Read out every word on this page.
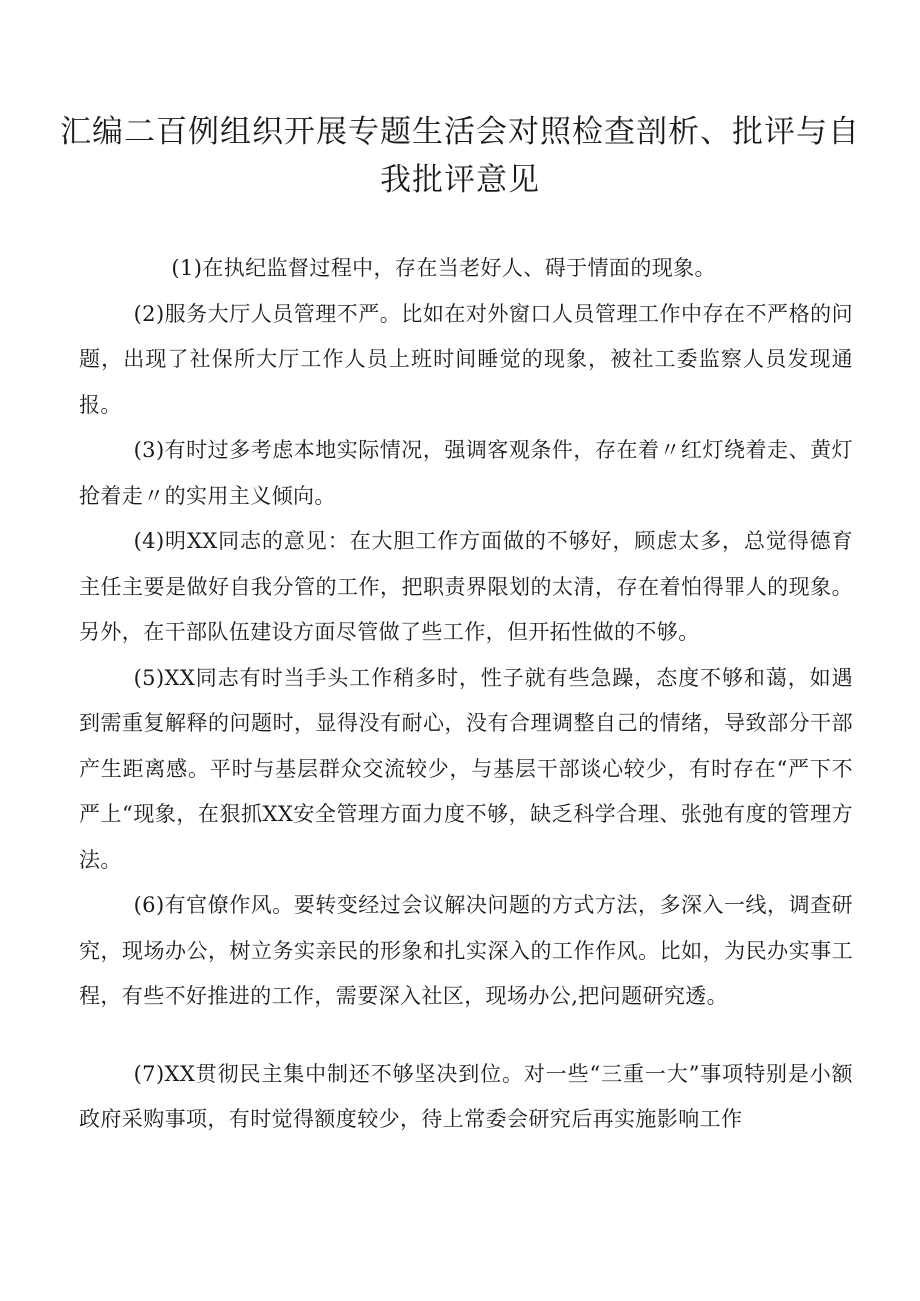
汇编二百例组织开展专题生活会对照检查剖析、批评与自我批评意见

(1)在执纪监督过程中，存在当老好人、碍于情面的现象。

(2)服务大厅人员管理不严。比如在对外窗口人员管理工作中存在不严格的问题，出现了社保所大厅工作人员上班时间睡觉的现象，被社工委监察人员发现通报。

(3)有时过多考虑本地实际情况，强调客观条件，存在着〃红灯绕着走、黄灯抢着走〃的实用主义倾向。

(4)明XX同志的意见：在大胆工作方面做的不够好，顾虑太多，总觉得德育主任主要是做好自我分管的工作，把职责界限划的太清，存在着怕得罪人的现象。另外，在干部队伍建设方面尽管做了些工作，但开拓性做的不够。

(5)XX同志有时当手头工作稍多时，性子就有些急躁，态度不够和蔼，如遇到需重复解释的问题时，显得没有耐心，没有合理调整自己的情绪，导致部分干部产生距离感。平时与基层群众交流较少，与基层干部谈心较少，有时存在“严下不严上“现象，在狠抓XX安全管理方面力度不够，缺乏科学合理、张弛有度的管理方法。

(6)有官僚作风。要转变经过会议解决问题的方式方法，多深入一线，调查研究，现场办公，树立务实亲民的形象和扎实深入的工作作风。比如，为民办实事工程，有些不好推进的工作，需要深入社区，现场办公,把问题研究透。

(7)XX贯彻民主集中制还不够坚决到位。对一些“三重一大”事项特别是小额政府采购事项，有时觉得额度较少，待上常委会研究后再实施影响工作
